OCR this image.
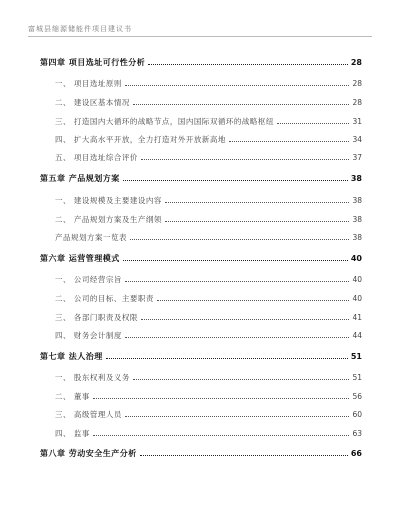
富城县缩源储能件项目建议书
第四章 项目选址可行性分析	28
一、 项目选址原则	28
二、 建设区基本情况	28
三、 打造国内大循环的战略节点，国内国际双循环的战略枢纽	31
四、 扩大高水平开放，全力打造对外开放新高地	34
五、 项目选址综合评价	37
第五章 产品规划方案	38
一、 建设规模及主要建设内容	38
二、 产品规划方案及生产纲领	38
产品规划方案一览表	38
第六章 运营管理模式	40
一、 公司经营宗旨	40
二、 公司的目标、主要职责	40
三、 各部门职责及权限	41
四、 财务会计制度	44
第七章 法人治理	51
一、 股东权利及义务	51
二、 董事	56
三、 高级管理人员	60
四、 监事	63
第八章 劳动安全生产分析	66
